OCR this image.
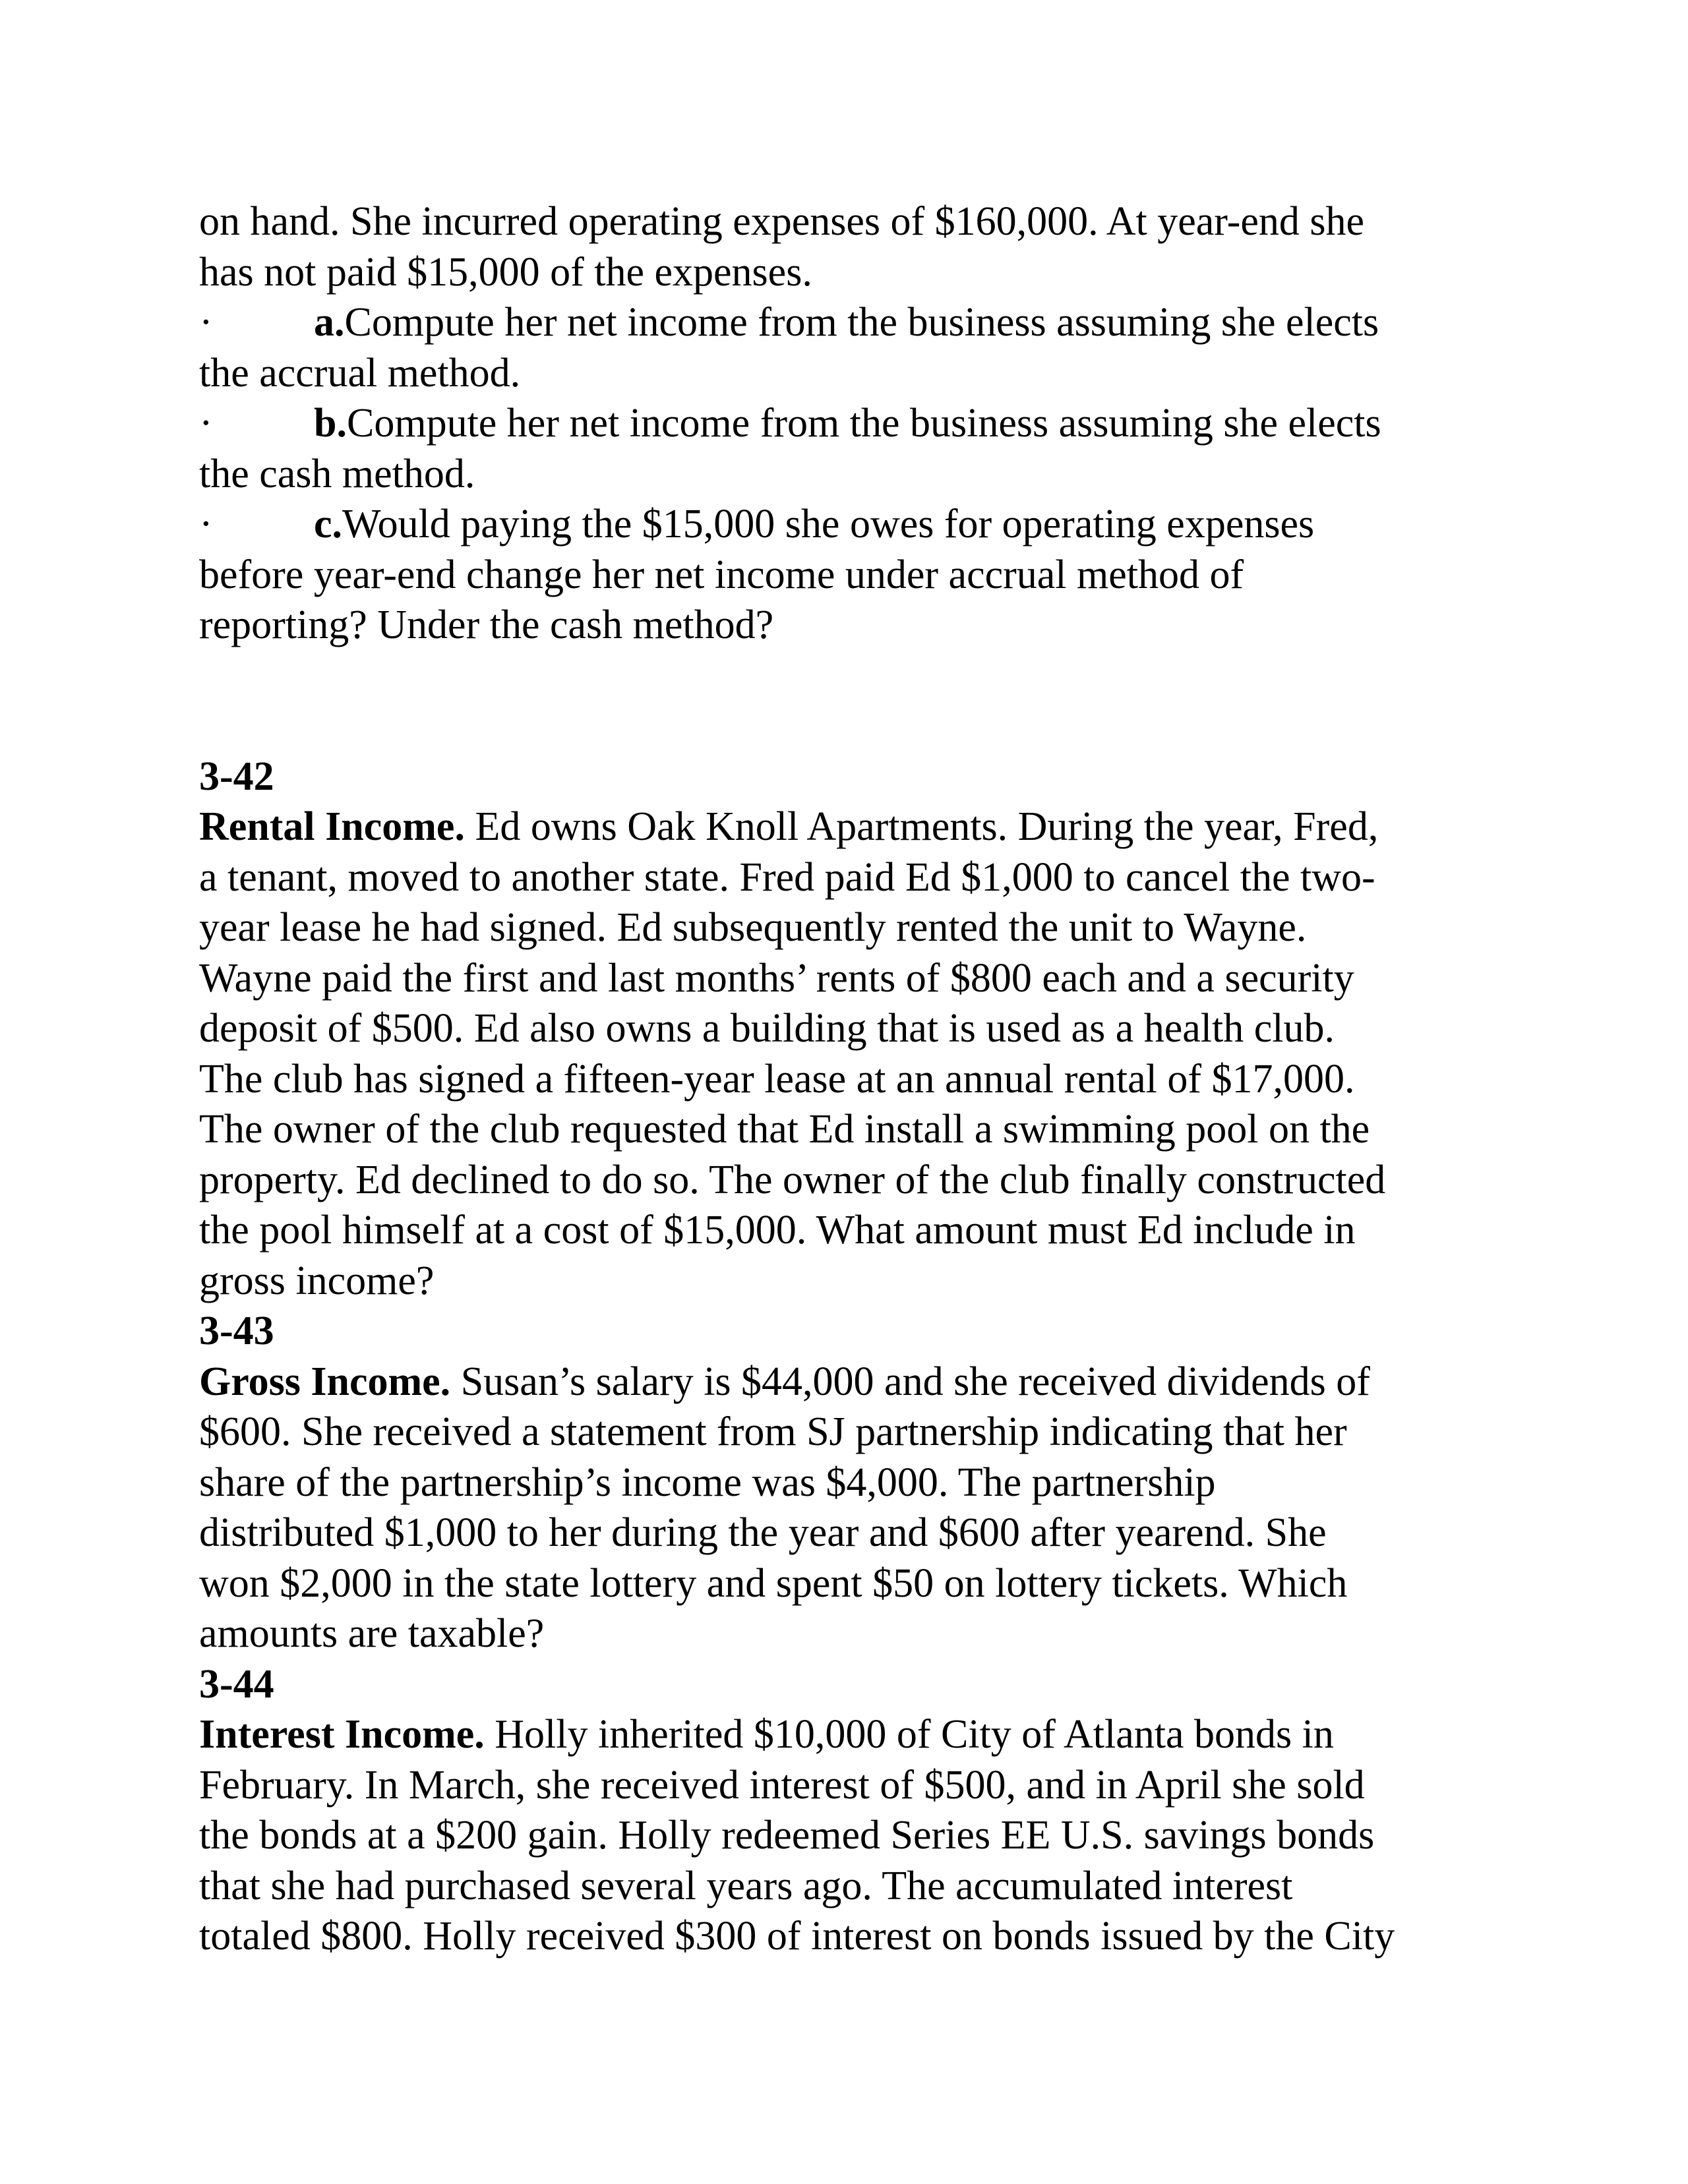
on hand. She incurred operating expenses of $160,000. At year-end she
has not paid $15,000 of the expenses.
· a.Compute her net income from the business assuming she elects
the accrual method.
· b.Compute her net income from the business assuming she elects
the cash method.
· c.Would paying the $15,000 she owes for operating expenses
before year-end change her net income under accrual method of
reporting? Under the cash method?
3-42
Rental Income. Ed owns Oak Knoll Apartments. During the year, Fred,
a tenant, moved to another state. Fred paid Ed $1,000 to cancel the two-
year lease he had signed. Ed subsequently rented the unit to Wayne.
Wayne paid the first and last months’ rents of $800 each and a security
deposit of $500. Ed also owns a building that is used as a health club.
The club has signed a fifteen-year lease at an annual rental of $17,000.
The owner of the club requested that Ed install a swimming pool on the
property. Ed declined to do so. The owner of the club finally constructed
the pool himself at a cost of $15,000. What amount must Ed include in
gross income?
3-43
Gross Income. Susan’s salary is $44,000 and she received dividends of
$600. She received a statement from SJ partnership indicating that her
share of the partnership’s income was $4,000. The partnership
distributed $1,000 to her during the year and $600 after yearend. She
won $2,000 in the state lottery and spent $50 on lottery tickets. Which
amounts are taxable?
3-44
Interest Income. Holly inherited $10,000 of City of Atlanta bonds in
February. In March, she received interest of $500, and in April she sold
the bonds at a $200 gain. Holly redeemed Series EE U.S. savings bonds
that she had purchased several years ago. The accumulated interest
totaled $800. Holly received $300 of interest on bonds issued by the City
